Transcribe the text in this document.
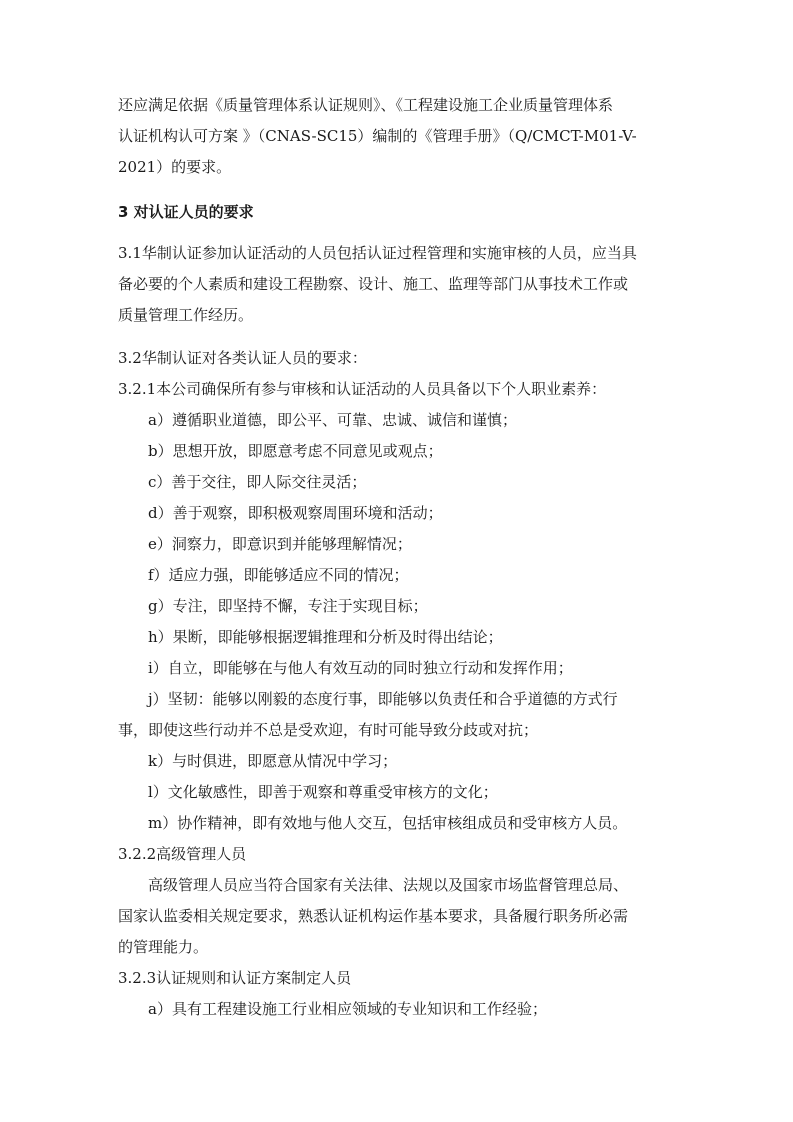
还应满足依据《质量管理体系认证规则》、《工程建设施工企业质量管理体系

认证机构认可方案 》（CNAS-SC15）编制的《管理手册》（Q/CMCT-M01-V-

2021）的要求。

3 对认证人员的要求

3.1华制认证参加认证活动的人员包括认证过程管理和实施审核的人员，应当具

备必要的个人素质和建设工程勘察、设计、施工、监理等部门从事技术工作或

质量管理工作经历。

3.2华制认证对各类认证人员的要求：

3.2.1本公司确保所有参与审核和认证活动的人员具备以下个人职业素养：

a）遵循职业道德，即公平、可靠、忠诚、诚信和谨慎；

b）思想开放，即愿意考虑不同意见或观点；

c）善于交往，即人际交往灵活；

d）善于观察，即积极观察周围环境和活动；

e）洞察力，即意识到并能够理解情况；

f）适应力强，即能够适应不同的情况；

g）专注，即坚持不懈，专注于实现目标；

h）果断，即能够根据逻辑推理和分析及时得出结论；

i）自立，即能够在与他人有效互动的同时独立行动和发挥作用；

j）坚韧：能够以刚毅的态度行事，即能够以负责任和合乎道德的方式行

事，即使这些行动并不总是受欢迎，有时可能导致分歧或对抗；

k）与时俱进，即愿意从情况中学习；

l）文化敏感性，即善于观察和尊重受审核方的文化；

m）协作精神，即有效地与他人交互，包括审核组成员和受审核方人员。

3.2.2高级管理人员

高级管理人员应当符合国家有关法律、法规以及国家市场监督管理总局、

国家认监委相关规定要求，熟悉认证机构运作基本要求，具备履行职务所必需

的管理能力。

3.2.3认证规则和认证方案制定人员

a）具有工程建设施工行业相应领域的专业知识和工作经验；
